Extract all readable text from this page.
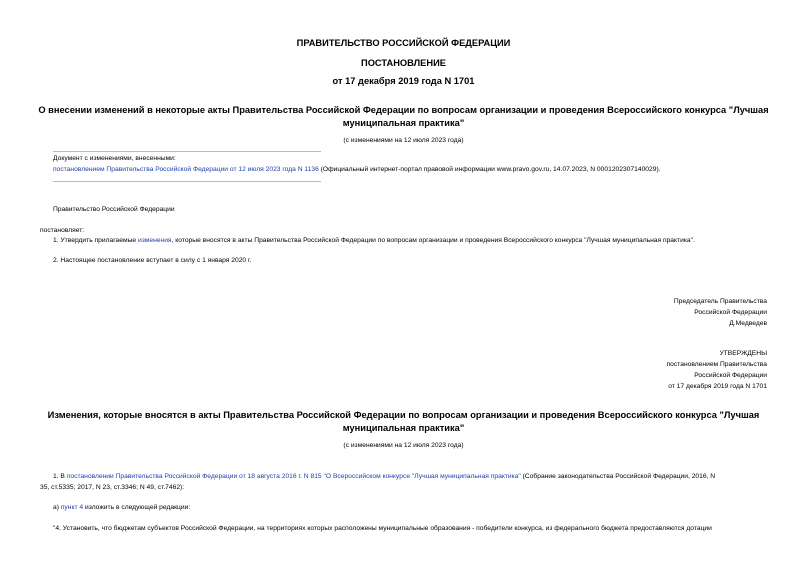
ПРАВИТЕЛЬСТВО РОССИЙСКОЙ ФЕДЕРАЦИИ
ПОСТАНОВЛЕНИЕ
от 17 декабря 2019 года N 1701
О внесении изменений в некоторые акты Правительства Российской Федерации по вопросам организации и проведения Всероссийского конкурса "Лучшая
муниципальная практика"
(с изменениями на 12 июля 2023 года)
Документ с изменениями, внесенными:
постановлением Правительства Российской Федерации от 12 июля 2023 года N 1136 (Официальный интернет-портал правовой информации www.pravo.gov.ru, 14.07.2023, N 0001202307140029).
Правительство Российской Федерации
постановляет:
1. Утвердить прилагаемые изменения, которые вносятся в акты Правительства Российской Федерации по вопросам организации и проведения Всероссийского конкурса "Лучшая муниципальная практика".
2. Настоящее постановление вступает в силу с 1 января 2020 г.
Председатель Правительства
Российской Федерации
Д.Медведев
УТВЕРЖДЕНЫ
постановлением Правительства
Российской Федерации
от 17 декабря 2019 года N 1701
Изменения, которые вносятся в акты Правительства Российской Федерации по вопросам организации и проведения Всероссийского конкурса "Лучшая
муниципальная практика"
(с изменениями на 12 июля 2023 года)
1. В постановлении Правительства Российской Федерации от 18 августа 2016 г. N 815 "О Всероссийском конкурсе "Лучшая муниципальная практика" (Собрание законодательства Российской Федерации, 2016, N
35, ст.5335; 2017, N 23, ст.3346; N 49, ст.7462):
а) пункт 4 изложить в следующей редакции:
"4. Установить, что бюджетам субъектов Российской Федерации, на территориях которых расположены муниципальные образования - победители конкурса, из федерального бюджета предоставляются дотации
